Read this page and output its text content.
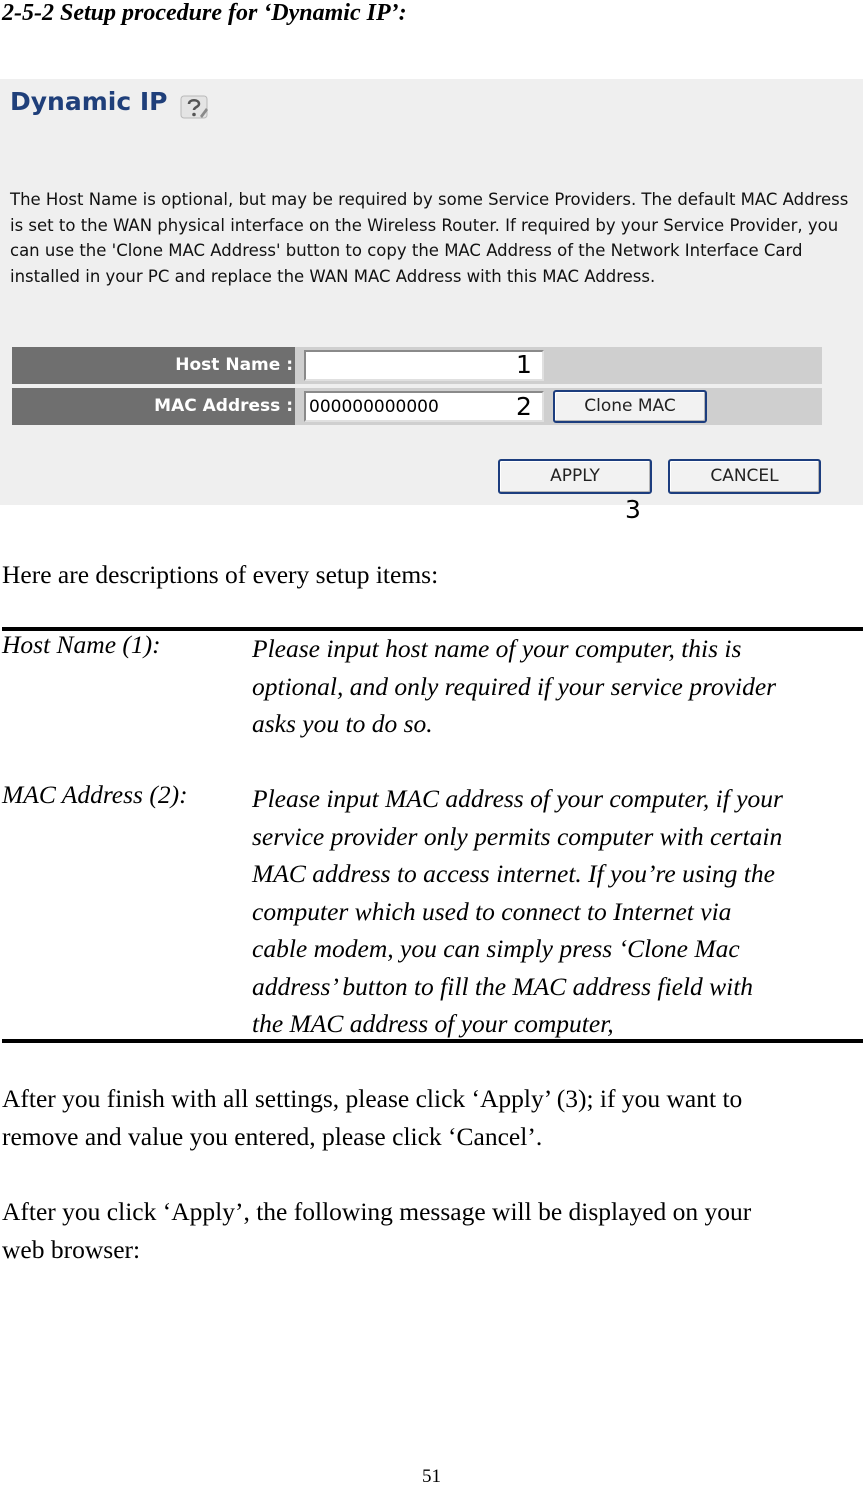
2-5-2 Setup procedure for ‘Dynamic IP’:
Dynamic IP
The Host Name is optional, but may be required by some Service Providers. The default MAC Address is set to the WAN physical interface on the Wireless Router. If required by your Service Provider, you can use the 'Clone MAC Address' button to copy the MAC Address of the Network Interface Card installed in your PC and replace the WAN MAC Address with this MAC Address.
Host Name :
MAC Address : 000000000000	Clone MAC
APPLY	CANCEL
1
2
3
Here are descriptions of every setup items:
Host Name (1):	Please input host name of your computer, this is
optional, and only required if your service provider
asks you to do so.
MAC Address (2):	Please input MAC address of your computer, if your
service provider only permits computer with certain
MAC address to access internet. If you’re using the
computer which used to connect to Internet via
cable modem, you can simply press ‘Clone Mac
address’ button to fill the MAC address field with
the MAC address of your computer,
After you finish with all settings, please click ‘Apply’ (3); if you want to
remove and value you entered, please click ‘Cancel’.
After you click ‘Apply’, the following message will be displayed on your
web browser:
51
